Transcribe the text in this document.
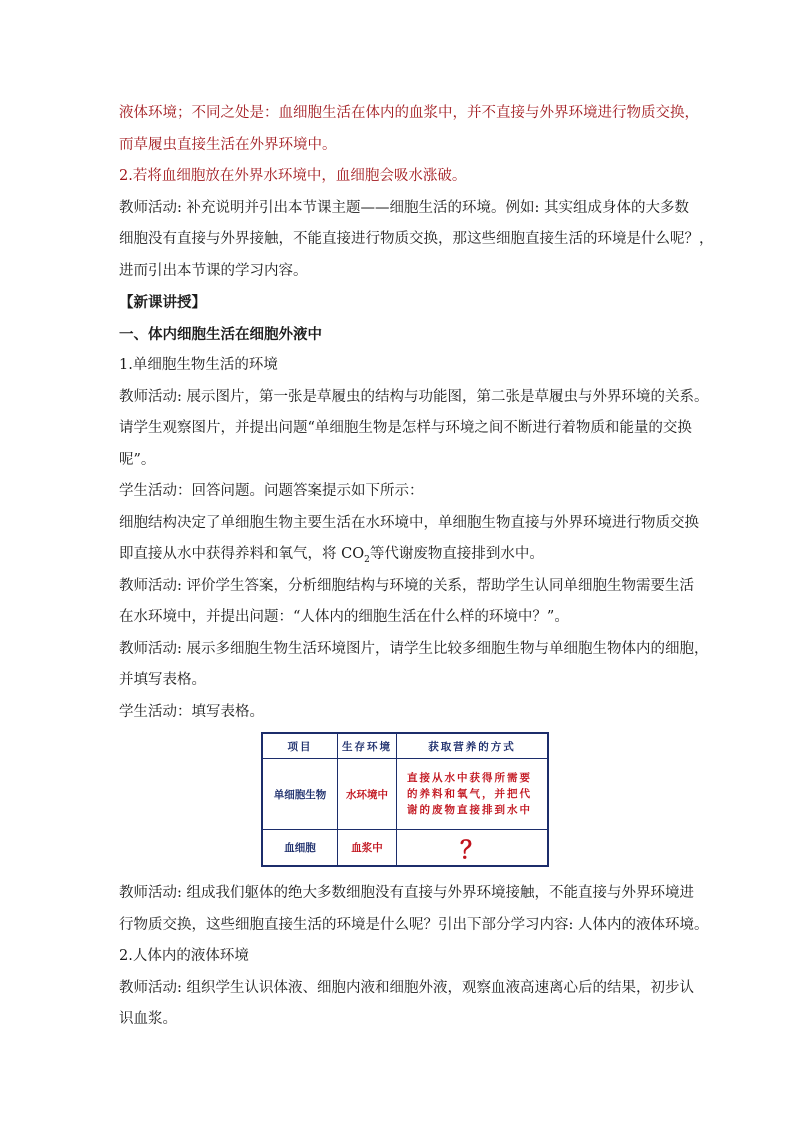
液体环境；不同之处是：血细胞生活在体内的血浆中，并不直接与外界环境进行物质交换，
而草履虫直接生活在外界环境中。
2.若将血细胞放在外界水环境中，血细胞会吸水涨破。
教师活动: 补充说明并引出本节课主题——细胞生活的环境。例如: 其实组成身体的大多数
细胞没有直接与外界接触，不能直接进行物质交换，那这些细胞直接生活的环境是什么呢？，
进而引出本节课的学习内容。
【新课讲授】
一、体内细胞生活在细胞外液中
1.单细胞生物生活的环境
教师活动: 展示图片，第一张是草履虫的结构与功能图，第二张是草履虫与外界环境的关系。
请学生观察图片，并提出问题“单细胞生物是怎样与环境之间不断进行着物质和能量的交换
呢”。
学生活动：回答问题。问题答案提示如下所示：
细胞结构决定了单细胞生物主要生活在水环境中，单细胞生物直接与外界环境进行物质交换
即直接从水中获得养料和氧气，将 $CO_2$等代谢废物直接排到水中。
教师活动: 评价学生答案，分析细胞结构与环境的关系，帮助学生认同单细胞生物需要生活
在水环境中，并提出问题：“人体内的细胞生活在什么样的环境中？”。
教师活动: 展示多细胞生物生活环境图片，请学生比较多细胞生物与单细胞生物体内的细胞，
并填写表格。
学生活动：填写表格。
项目	生存环境	获取营养的方式
单细胞生物	水环境中	直接从水中获得所需要的养料和氧气，并把代谢的废物直接排到水中
血细胞	血浆中	？
教师活动: 组成我们躯体的绝大多数细胞没有直接与外界环境接触，不能直接与外界环境进
行物质交换，这些细胞直接生活的环境是什么呢？引出下部分学习内容: 人体内的液体环境。
2.人体内的液体环境
教师活动: 组织学生认识体液、细胞内液和细胞外液，观察血液高速离心后的结果，初步认
识血浆。
